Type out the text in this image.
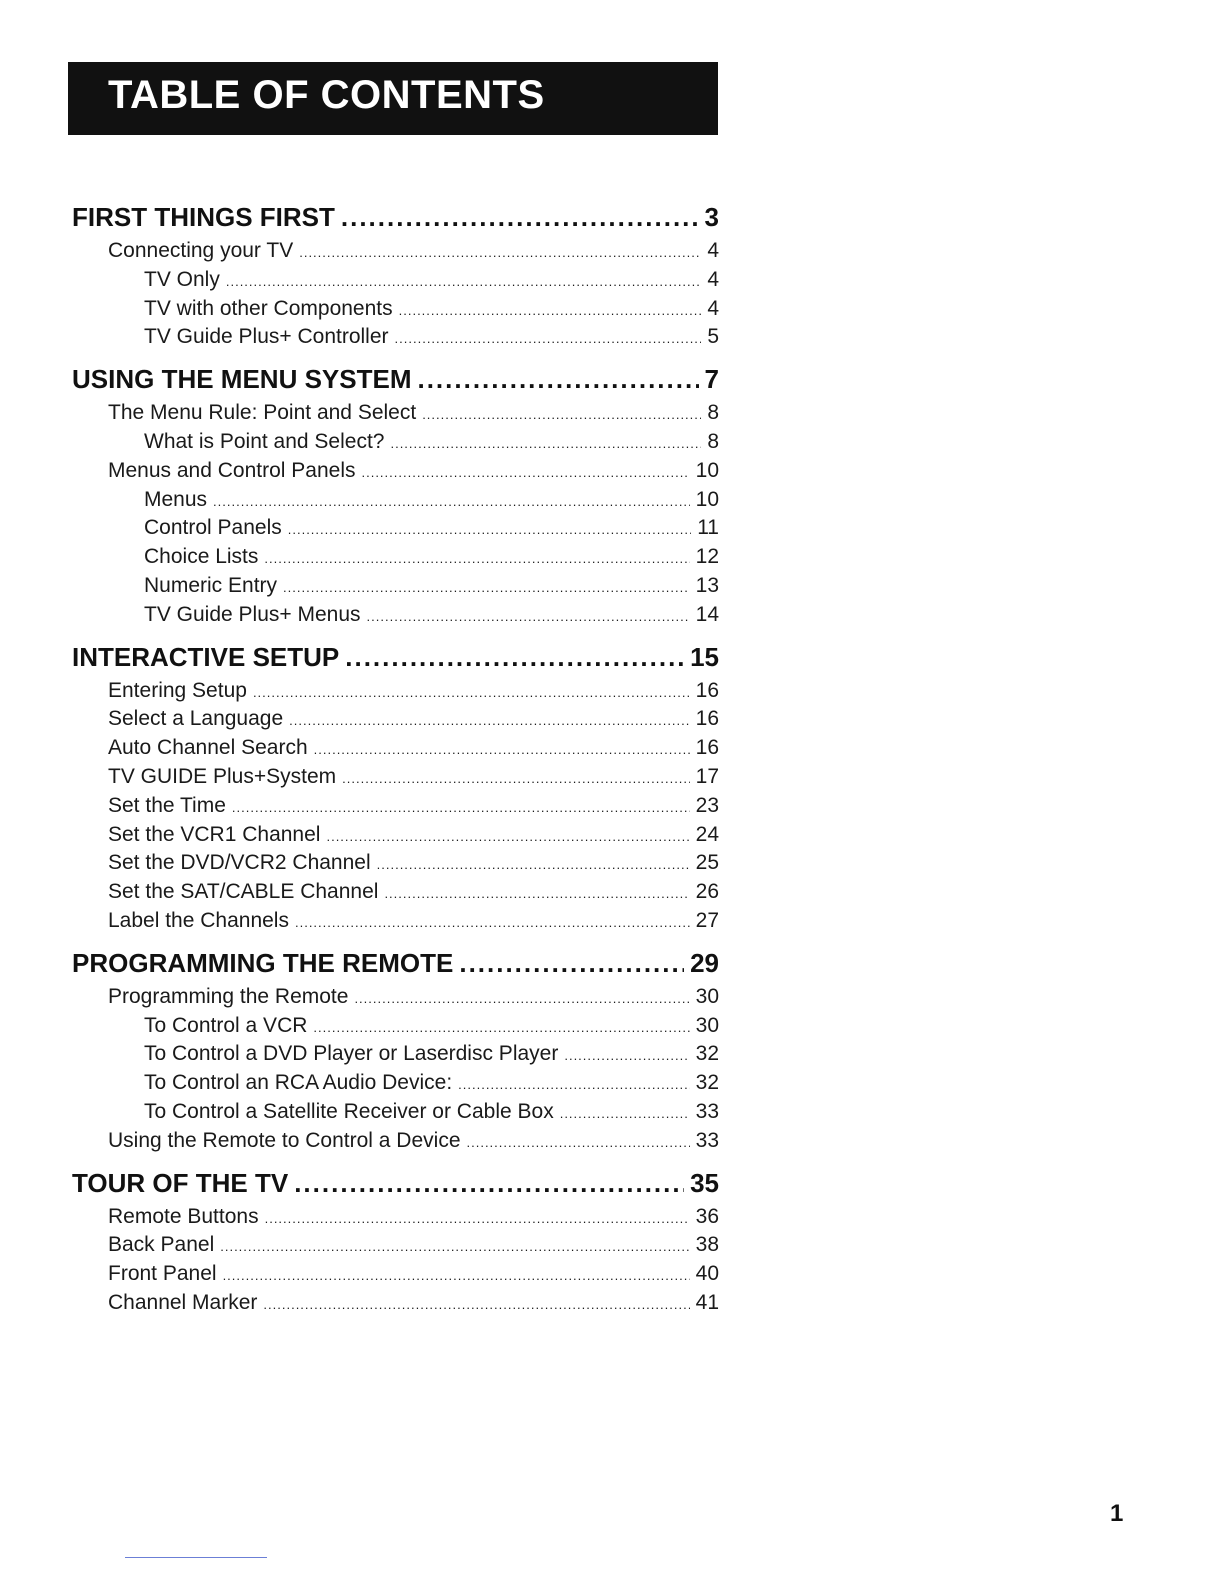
TABLE OF CONTENTS
FIRST THINGS FIRST .....	3
Connecting your TV .....	4
TV Only .....	4
TV with other Components .....	4
TV Guide Plus+ Controller .....	5
USING THE MENU SYSTEM .....	7
The Menu Rule: Point and Select .....	8
What is Point and Select? .....	8
Menus and Control Panels .....	10
Menus .....	10
Control Panels .....	11
Choice Lists .....	12
Numeric Entry .....	13
TV Guide Plus+ Menus .....	14
INTERACTIVE SETUP .....	15
Entering Setup .....	16
Select a Language .....	16
Auto Channel Search .....	16
TV GUIDE Plus+System .....	17
Set the Time .....	23
Set the VCR1 Channel .....	24
Set the DVD/VCR2 Channel .....	25
Set the SAT/CABLE Channel .....	26
Label the Channels .....	27
PROGRAMMING THE REMOTE .....	29
Programming the Remote .....	30
To Control a VCR .....	30
To Control a DVD Player or Laserdisc Player .....	32
To Control an RCA Audio Device: .....	32
To Control a Satellite Receiver or Cable Box .....	33
Using the Remote to Control a Device .....	33
TOUR OF THE TV .....	35
Remote Buttons .....	36
Back Panel .....	38
Front Panel .....	40
Channel Marker .....	41
1
